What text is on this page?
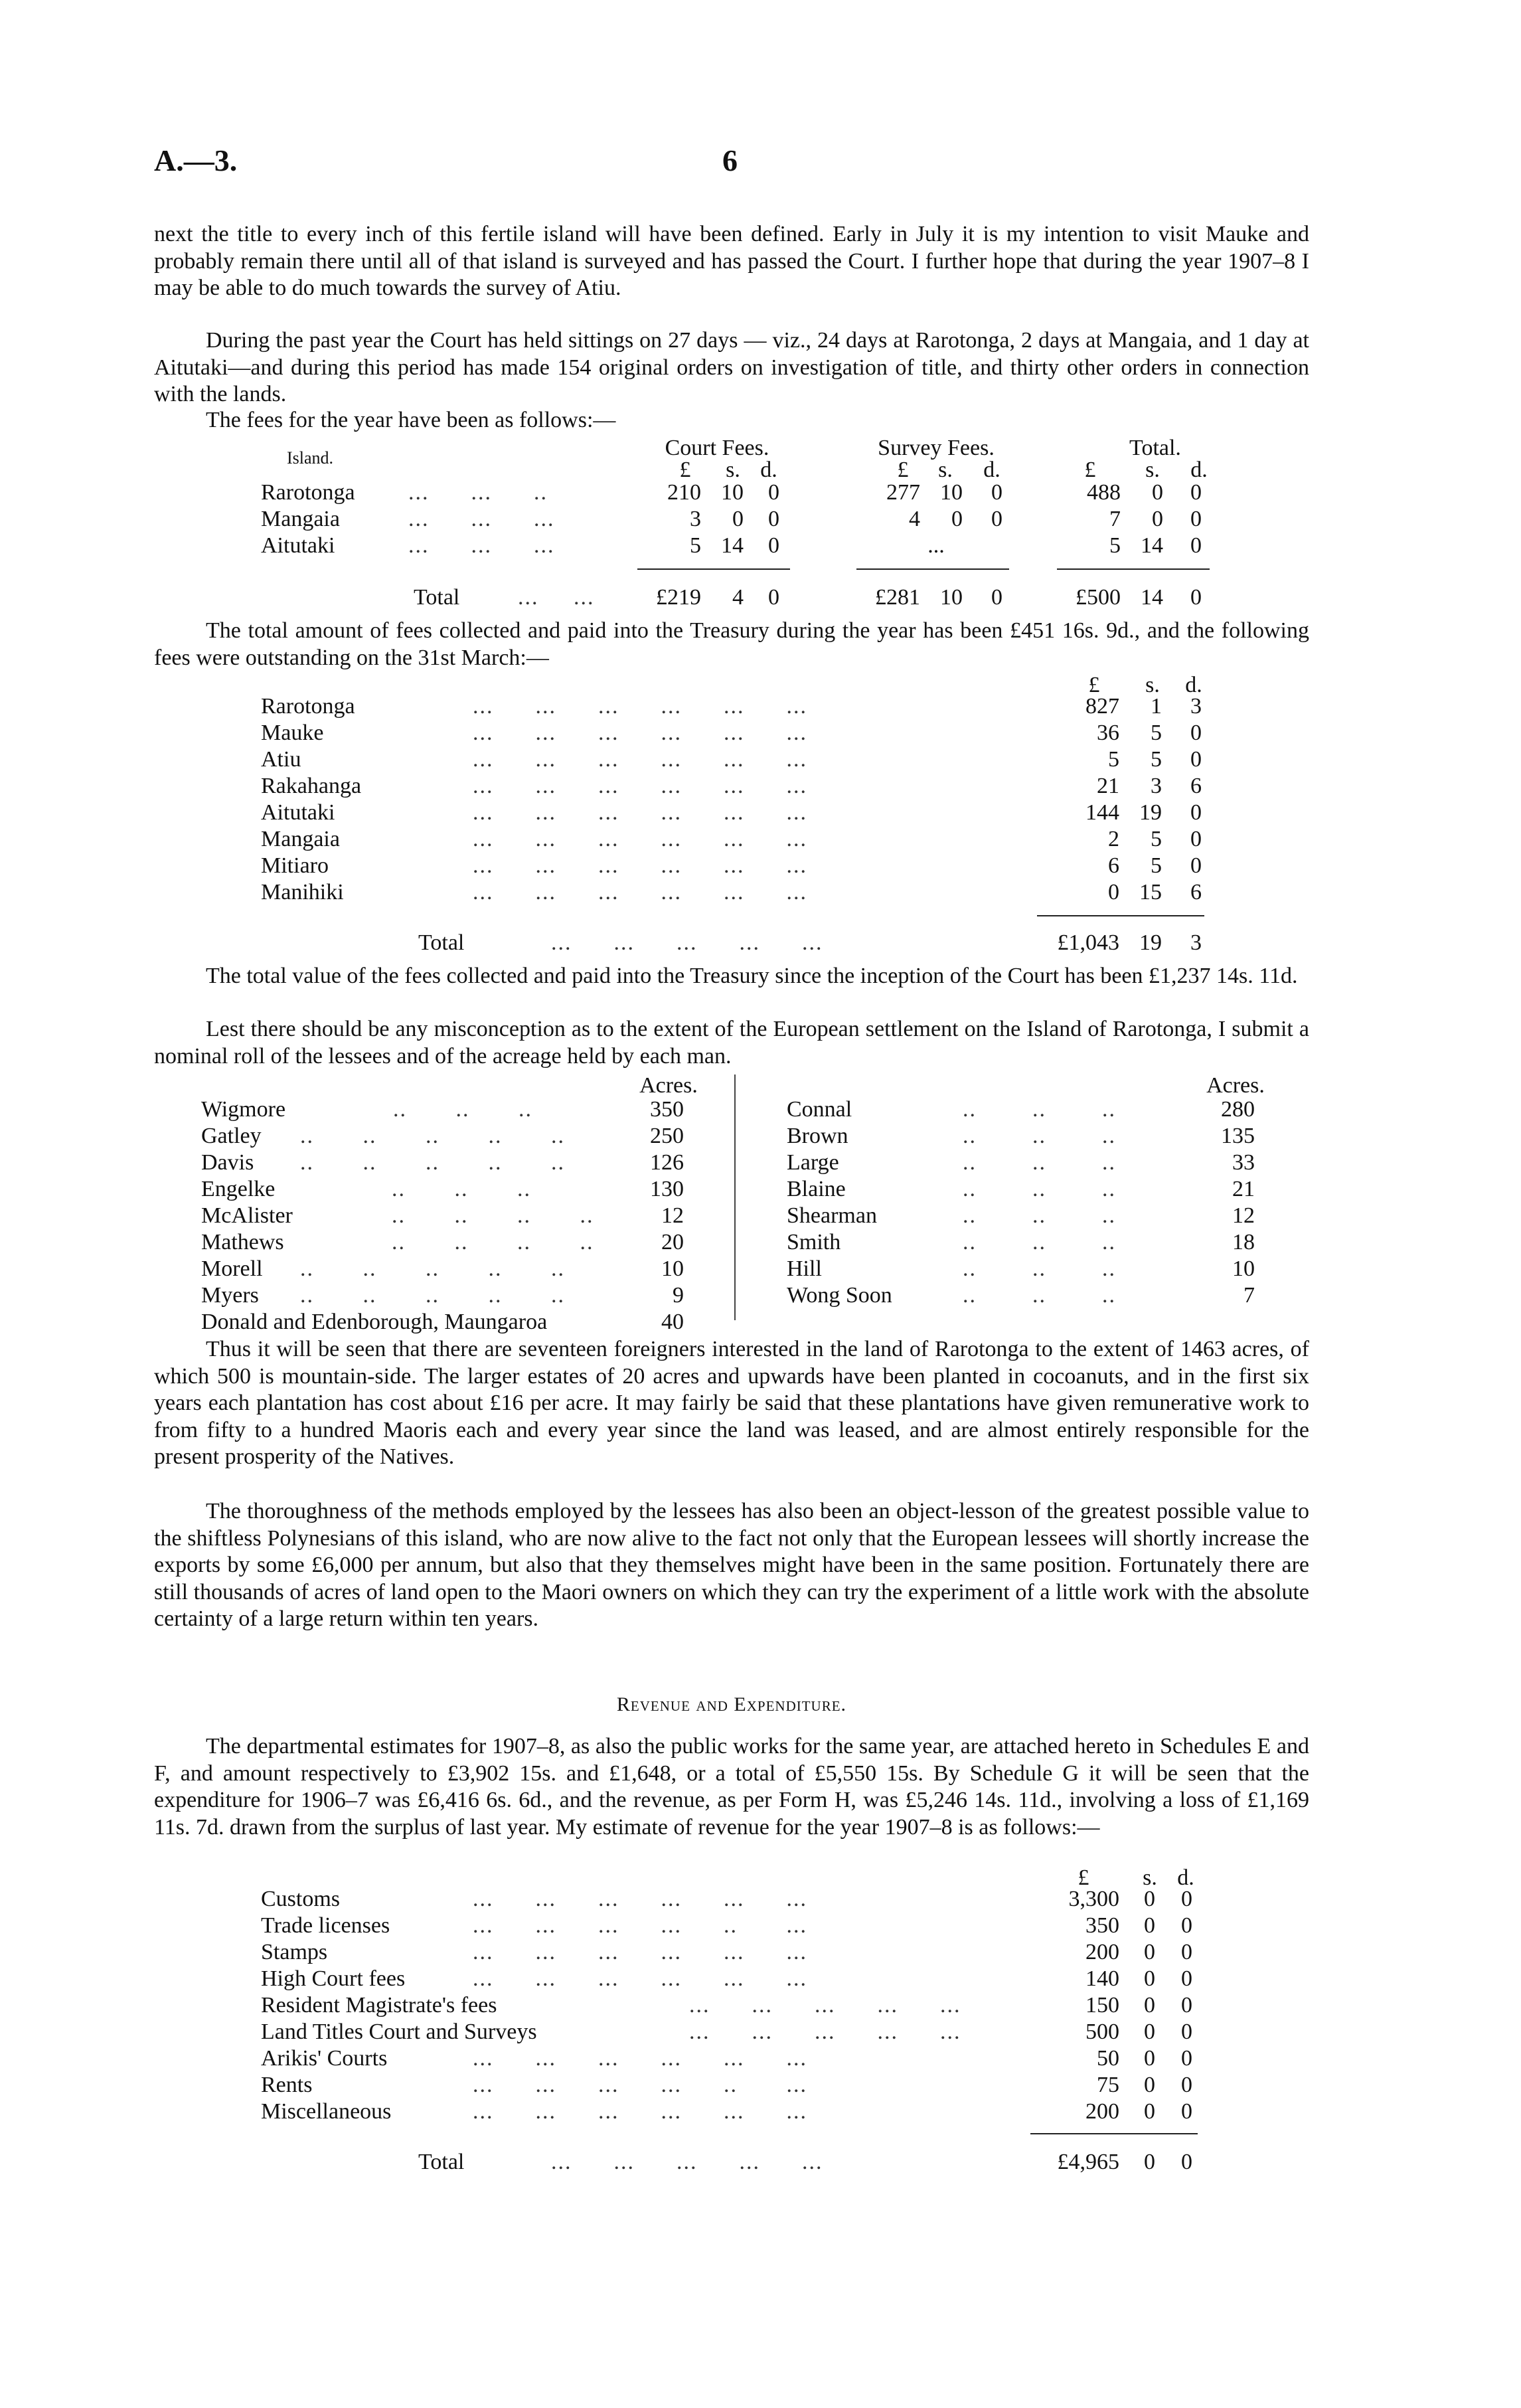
A.—3.	6

next the title to every inch of this fertile island will have been defined. Early in July it is my intention to visit Mauke and probably remain there until all of that island is surveyed and has passed the Court. I further hope that during the year 1907–8 I may be able to do much towards the survey of Atiu.

During the past year the Court has held sittings on 27 days — viz., 24 days at Rarotonga, 2 days at Mangaia, and 1 day at Aitutaki—and during this period has made 154 original orders on investigation of title, and thirty other orders in connection with the lands.

The fees for the year have been as follows:—

Island.	Court Fees.	Survey Fees.	Total.
£	s. d.	£	s. d.	£	s. d.
Rarotonga ...      ...      ..	210 10	0	277 10	0	488	0	0
Mangaia	...      ...      ...	3	0	0	4	0	0	7	0	0
Aitutaki	...      ...      ...	5 14	0	...	5 14	0
Total	...     ...	£219	4	0	£281 10	0	£500 14	0

The total amount of fees collected and paid into the Treasury during the year has been £451 16s. 9d., and the following fees were outstanding on the 31st March:—

£	s. d.
Rarotonga	...      ...      ...      ...      ...      ...	827	1	3
Mauke	...      ...      ...      ...      ...      ...	36	5	0
Atiu	...      ...      ...      ...      ...      ...	5	5	0
Rakahanga	...      ...      ...      ...      ...      ...	21	3	6
Aitutaki	...      ...      ...      ...      ...      ...	144 19	0
Mangaia	...      ...      ...      ...      ...      ...	2	5	0
Mitiaro	...      ...      ...      ...      ...      ...	6	5	0
Manihiki	...      ...      ...      ...      ...      ...	0 15	6
Total	...      ...      ...      ...      ...	£1,043 19	3

The total value of the fees collected and paid into the Treasury since the inception of the Court has been £1,237 14s. 11d.

Lest there should be any misconception as to the extent of the European settlement on the Island of Rarotonga, I submit a nominal roll of the lessees and of the acreage held by each man.

Acres.	Acres.
Wigmore	..       ..       ..	350
Gatley ..       ..       ..       ..       ..	250
Davis ..       ..       ..       ..       ..	126
Engelke	..       ..       ..	130
McAlister	..       ..       ..       ..	12
Mathews	..       ..       ..       ..	20
Morell ..       ..       ..       ..       ..	10
Myers ..       ..       ..       ..       ..	9
Donald and Edenborough, Maungaroa	40
Connal	..        ..        ..	280
Brown	..        ..        ..	135
Large	..        ..        ..	33
Blaine	..        ..        ..	21
Shearman	..        ..        ..	12
Smith	..        ..        ..	18
Hill	..        ..        ..	10
Wong Soon	..        ..        ..	7

Thus it will be seen that there are seventeen foreigners interested in the land of Rarotonga to the extent of 1463 acres, of which 500 is mountain-side. The larger estates of 20 acres and upwards have been planted in cocoanuts, and in the first six years each plantation has cost about £16 per acre. It may fairly be said that these plantations have given remunerative work to from fifty to a hundred Maoris each and every year since the land was leased, and are almost entirely responsible for the present prosperity of the Natives.

The thoroughness of the methods employed by the lessees has also been an object-lesson of the greatest possible value to the shiftless Polynesians of this island, who are now alive to the fact not only that the European lessees will shortly increase the exports by some £6,000 per annum, but also that they themselves might have been in the same position. Fortunately there are still thousands of acres of land open to the Maori owners on which they can try the experiment of a little work with the absolute certainty of a large return within ten years.

Revenue and Expenditure.

The departmental estimates for 1907–8, as also the public works for the same year, are attached hereto in Schedules E and F, and amount respectively to £3,902 15s. and £1,648, or a total of £5,550 15s. By Schedule G it will be seen that the expenditure for 1906–7 was £6,416 6s. 6d., and the revenue, as per Form H, was £5,246 14s. 11d., involving a loss of £1,169 11s. 7d. drawn from the surplus of last year. My estimate of revenue for the year 1907–8 is as follows:—

£	s. d.
Customs	...      ...      ...      ...      ...      ...	3,300	0	0
Trade licenses	...      ...      ...      ...      ..       ...	350	0	0
Stamps	...      ...      ...      ...      ...      ...	200	0	0
High Court fees	...      ...      ...      ...      ...      ...	140	0	0
Resident Magistrate's fees	...      ...      ...      ...      ...	150	0	0
Land Titles Court and Surveys	...      ...      ...      ...      ...	500	0	0
Arikis' Courts	...      ...      ...      ...      ...      ...	50	0	0
Rents	...      ...      ...      ...      ..       ...	75	0	0
Miscellaneous	...      ...      ...      ...      ...      ...	200	0	0
Total	...      ...      ...      ...      ...	£4,965	0	0
